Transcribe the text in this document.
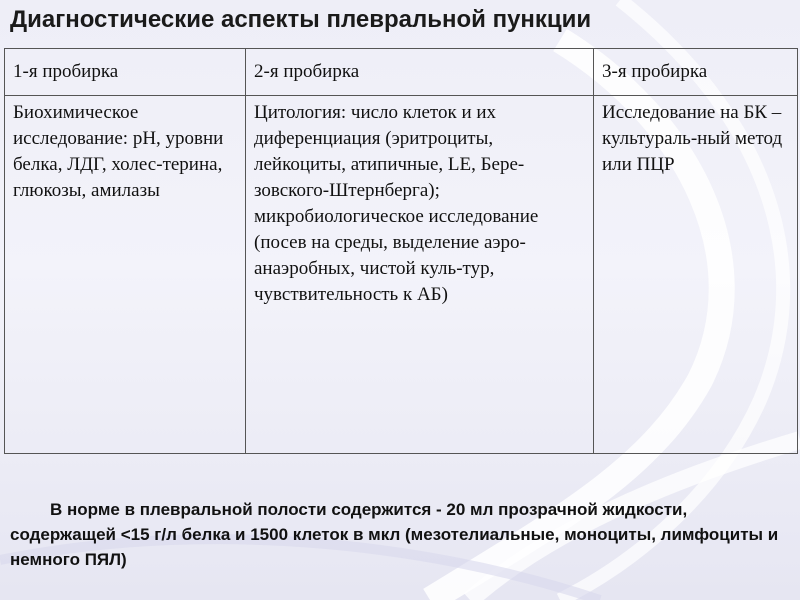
Диагностические аспекты плевральной пункции
1-я пробирка	2-я пробирка	3-я пробирка
Биохимическое исследование: рН, уровни белка, ЛДГ, холес-терина, глюкозы, амилазы	Цитология: число клеток и их диференциация (эритроциты, лейкоциты, атипичные, LE, Бере-зовского-Штернберга); микробиологическое исследование (посев на среды, выделение аэро-анаэробных, чистой куль-тур, чувствительность к АБ)	Исследование на БК – культураль-ный метод или ПЦР

В норме в плевральной полости содержится - 20 мл прозрачной жидкости, содержащей <15 г/л белка и 1500 клеток в мкл (мезотелиальные, моноциты, лимфоциты и немного ПЯЛ)
